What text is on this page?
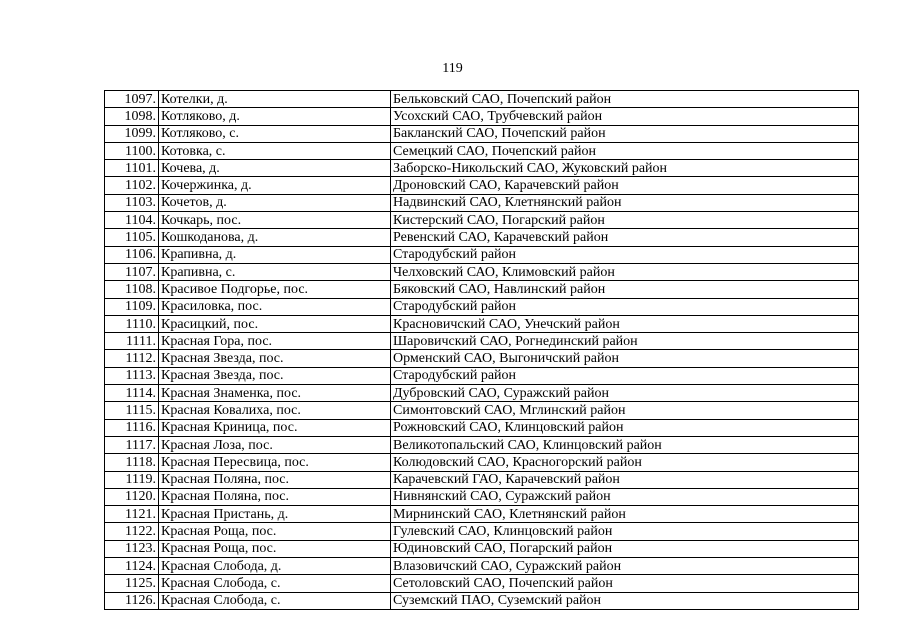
119
1097.	Котелки, д.	Бельковский САО, Почепский район
1098.	Котляково, д.	Усохский САО, Трубчевский район
1099.	Котляково, с.	Бакланский САО, Почепский район
1100.	Котовка, с.	Семецкий САО, Почепский район
1101.	Кочева, д.	Заборско-Никольский САО, Жуковский район
1102.	Кочержинка, д.	Дроновский САО, Карачевский район
1103.	Кочетов, д.	Надвинский САО, Клетнянский район
1104.	Кочкарь, пос.	Кистерский САО, Погарский район
1105.	Кошкоданова, д.	Ревенский САО, Карачевский район
1106.	Крапивна, д.	Стародубский район
1107.	Крапивна, с.	Челховский САО, Климовский район
1108.	Красивое Подгорье, пос.	Бяковский САО, Навлинский район
1109.	Красиловка, пос.	Стародубский район
1110.	Красицкий, пос.	Красновичский САО, Унечский район
1111.	Красная Гора, пос.	Шаровичский САО, Рогнединский район
1112.	Красная Звезда, пос.	Орменский САО, Выгоничский район
1113.	Красная Звезда, пос.	Стародубский район
1114.	Красная Знаменка, пос.	Дубровский САО, Суражский район
1115.	Красная Ковалиха, пос.	Симонтовский САО, Мглинский район
1116.	Красная Криница, пос.	Рожновский САО, Клинцовский район
1117.	Красная Лоза, пос.	Великотопальский САО, Клинцовский район
1118.	Красная Пересвица, пос.	Колюдовский САО, Красногорский район
1119.	Красная Поляна, пос.	Карачевский ГАО, Карачевский район
1120.	Красная Поляна, пос.	Нивнянский САО, Суражский район
1121.	Красная Пристань, д.	Мирнинский САО, Клетнянский район
1122.	Красная Роща, пос.	Гулевский САО, Клинцовский район
1123.	Красная Роща, пос.	Юдиновский САО, Погарский район
1124.	Красная Слобода, д.	Влазовичский САО, Суражский район
1125.	Красная Слобода, с.	Сетоловский САО, Почепский район
1126.	Красная Слобода, с.	Суземский ПАО, Суземский район
